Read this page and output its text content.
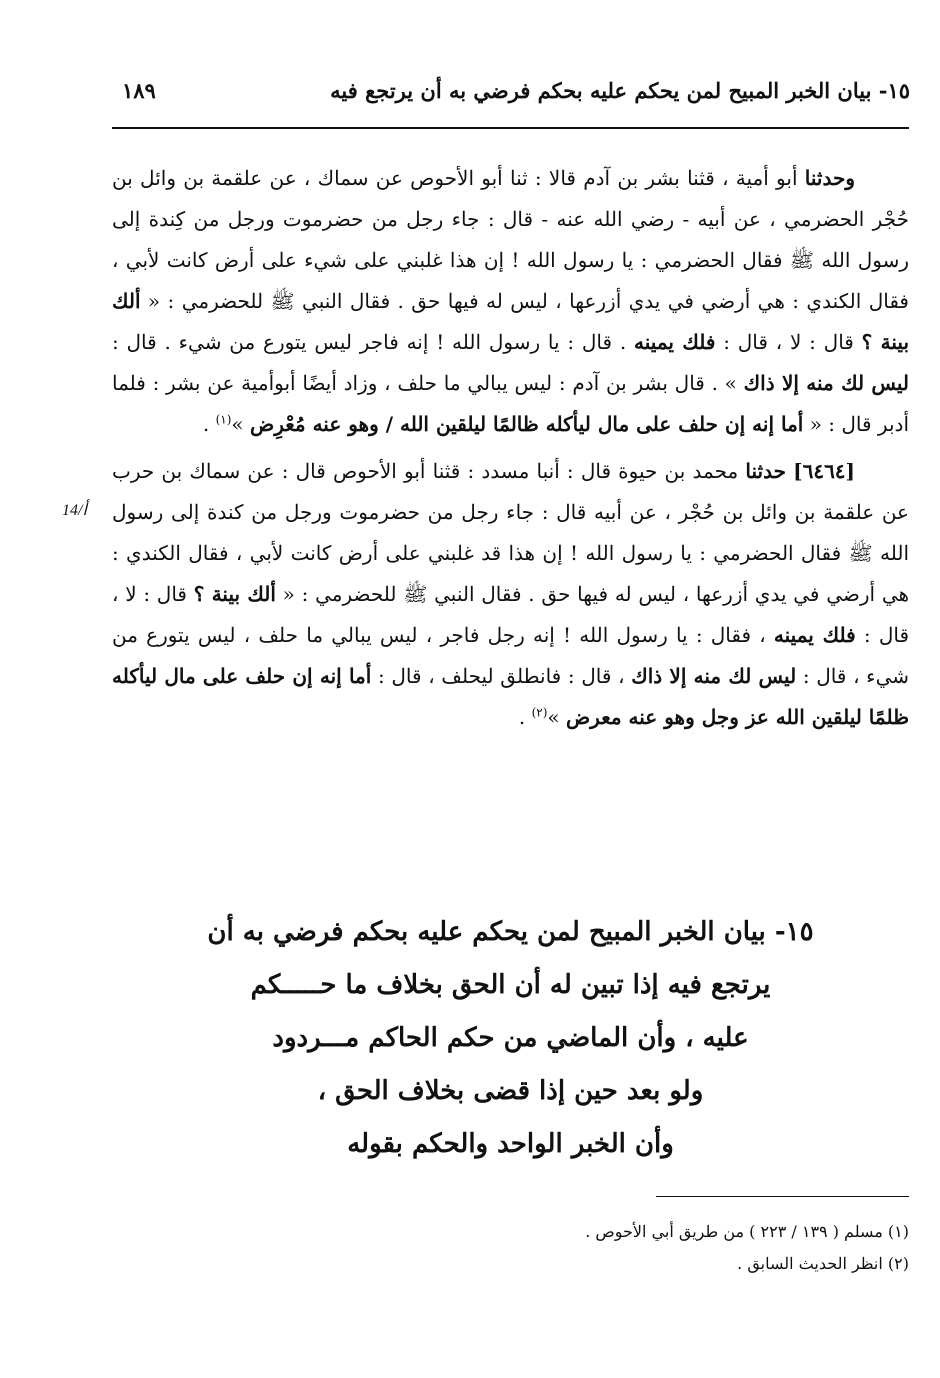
١٥- بيان الخبر المبيح لمن يحكم عليه بحكم فرضي به أن يرتجع فيه
١٨٩
14/أ

وحدثنا أبو أمية ، قثنا بشر بن آدم قالا : ثنا أبو الأحوص عن سماك ، عن علقمة بن وائل بن حُجْر الحضرمي ، عن أبيه - رضي الله عنه - قال : جاء رجل من حضرموت ورجل من كِندة إلى رسول الله ﷺ فقال الحضرمي : يا رسول الله ! إن هذا غلبني على شيء على أرض كانت لأبي ، فقال الكندي : هي أرضي في يدي أزرعها ، ليس له فيها حق . فقال النبي ﷺ للحضرمي : « ألك بينة ؟ قال : لا ، قال : فلك يمينه . قال : يا رسول الله ! إنه فاجر ليس يتورع من شيء . قال : ليس لك منه إلا ذاك » . قال بشر بن آدم : ليس يبالي ما حلف ، وزاد أيضًا أبوأمية عن بشر : فلما أدبر قال : « أما إنه إن حلف على مال ليأكله ظالمًا ليلقين الله / وهو عنه مُعْرِض »$^{(١)}$ .

[٦٤٦٤] حدثنا محمد بن حيوة قال : أنبا مسدد : قثنا أبو الأحوص قال : عن سماك بن حرب عن علقمة بن وائل بن حُجْر ، عن أبيه قال : جاء رجل من حضرموت ورجل من كندة إلى رسول الله ﷺ فقال الحضرمي : يا رسول الله ! إن هذا قد غلبني على أرض كانت لأبي ، فقال الكندي : هي أرضي في يدي أزرعها ، ليس له فيها حق . فقال النبي ﷺ للحضرمي : « ألك بينة ؟ قال : لا ، قال : فلك يمينه ، فقال : يا رسول الله ! إنه رجل فاجر ، ليس يبالي ما حلف ، ليس يتورع من شيء ، قال : ليس لك منه إلا ذاك ، قال : فانطلق ليحلف ، قال : أما إنه إن حلف على مال ليأكله ظلمًا ليلقين الله عز وجل وهو عنه معرض »$^{(٢)}$ .

١٥- بيان الخبر المبيح لمن يحكم عليه بحكم فرضي به أن
يرتجع فيه إذا تبين له أن الحق بخلاف ما حـــــكم
عليه ، وأن الماضي من حكم الحاكم مـــردود
ولو بعد حين إذا قضى بخلاف الحق ،
وأن الخبر الواحد والحكم بقوله
(١) مسلم ( ١٣٩ / ٢٢٣ ) من طريق أبي الأحوص .
(٢) انظر الحديث السابق .
